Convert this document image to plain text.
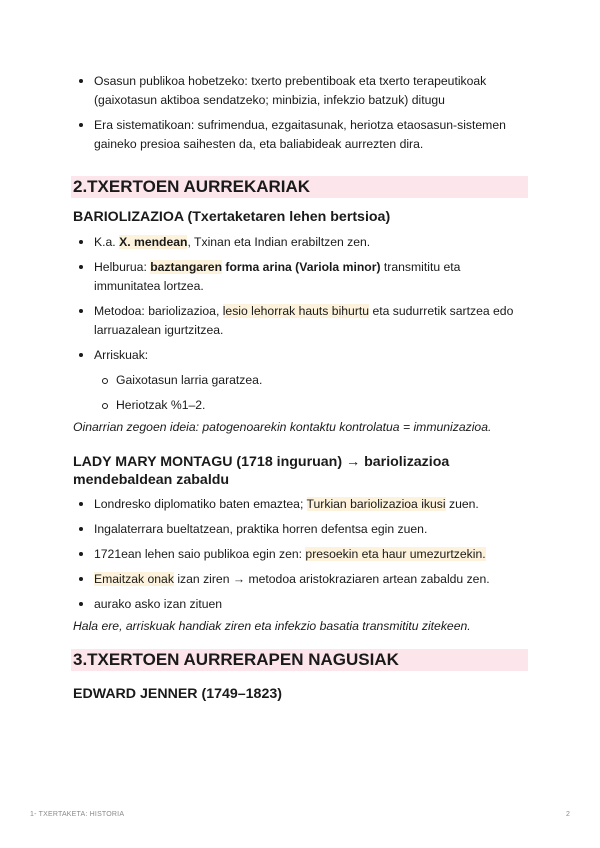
Osasun publikoa hobetzeko: txerto prebentiboak eta txerto terapeutikoak (gaixotasun aktiboa sendatzeko; minbizia, infekzio batzuk) ditugu
Era sistematikoan: sufrimendua, ezgaitasunak, heriotza etaosasun-sistemen gaineko presioa saihesten da, eta baliabideak aurrezten dira.
2.TXERTOEN AURREKARIAK
BARIOLIZAZIOA (Txertaketaren lehen bertsioa)
K.a. X. mendean, Txinan eta Indian erabiltzen zen.
Helburua: baztangaren forma arina (Variola minor) transmititu eta immunitatea lortzea.
Metodoa: bariolizazioa, lesio lehorrak hauts bihurtu eta sudurretik sartzea edo larruazalean igurtzitzea.
Arriskuak:
Gaixotasun larria garatzea.
Heriotzak %1–2.
Oinarrian zegoen ideia: patogenoarekin kontaktu kontrolatua = immunizazioa.
LADY MARY MONTAGU (1718 inguruan) → bariolizazioa mendebaldean zabaldu
Londresko diplomatiko baten emaztea; Turkian bariolizazioa ikusi zuen.
Ingalaterrara bueltatzean, praktika horren defentsa egin zuen.
1721ean lehen saio publikoa egin zen: presoekin eta haur umezurtzekin.
Emaitzak onak izan ziren → metodoa aristokraziaren artean zabaldu zen.
aurako asko izan zituen
Hala ere, arriskuak handiak ziren eta infekzio basatia transmititu zitekeen.
3.TXERTOEN AURRERAPEN NAGUSIAK
EDWARD JENNER (1749–1823)
1- TXERTAKETA: HISTORIA	2
